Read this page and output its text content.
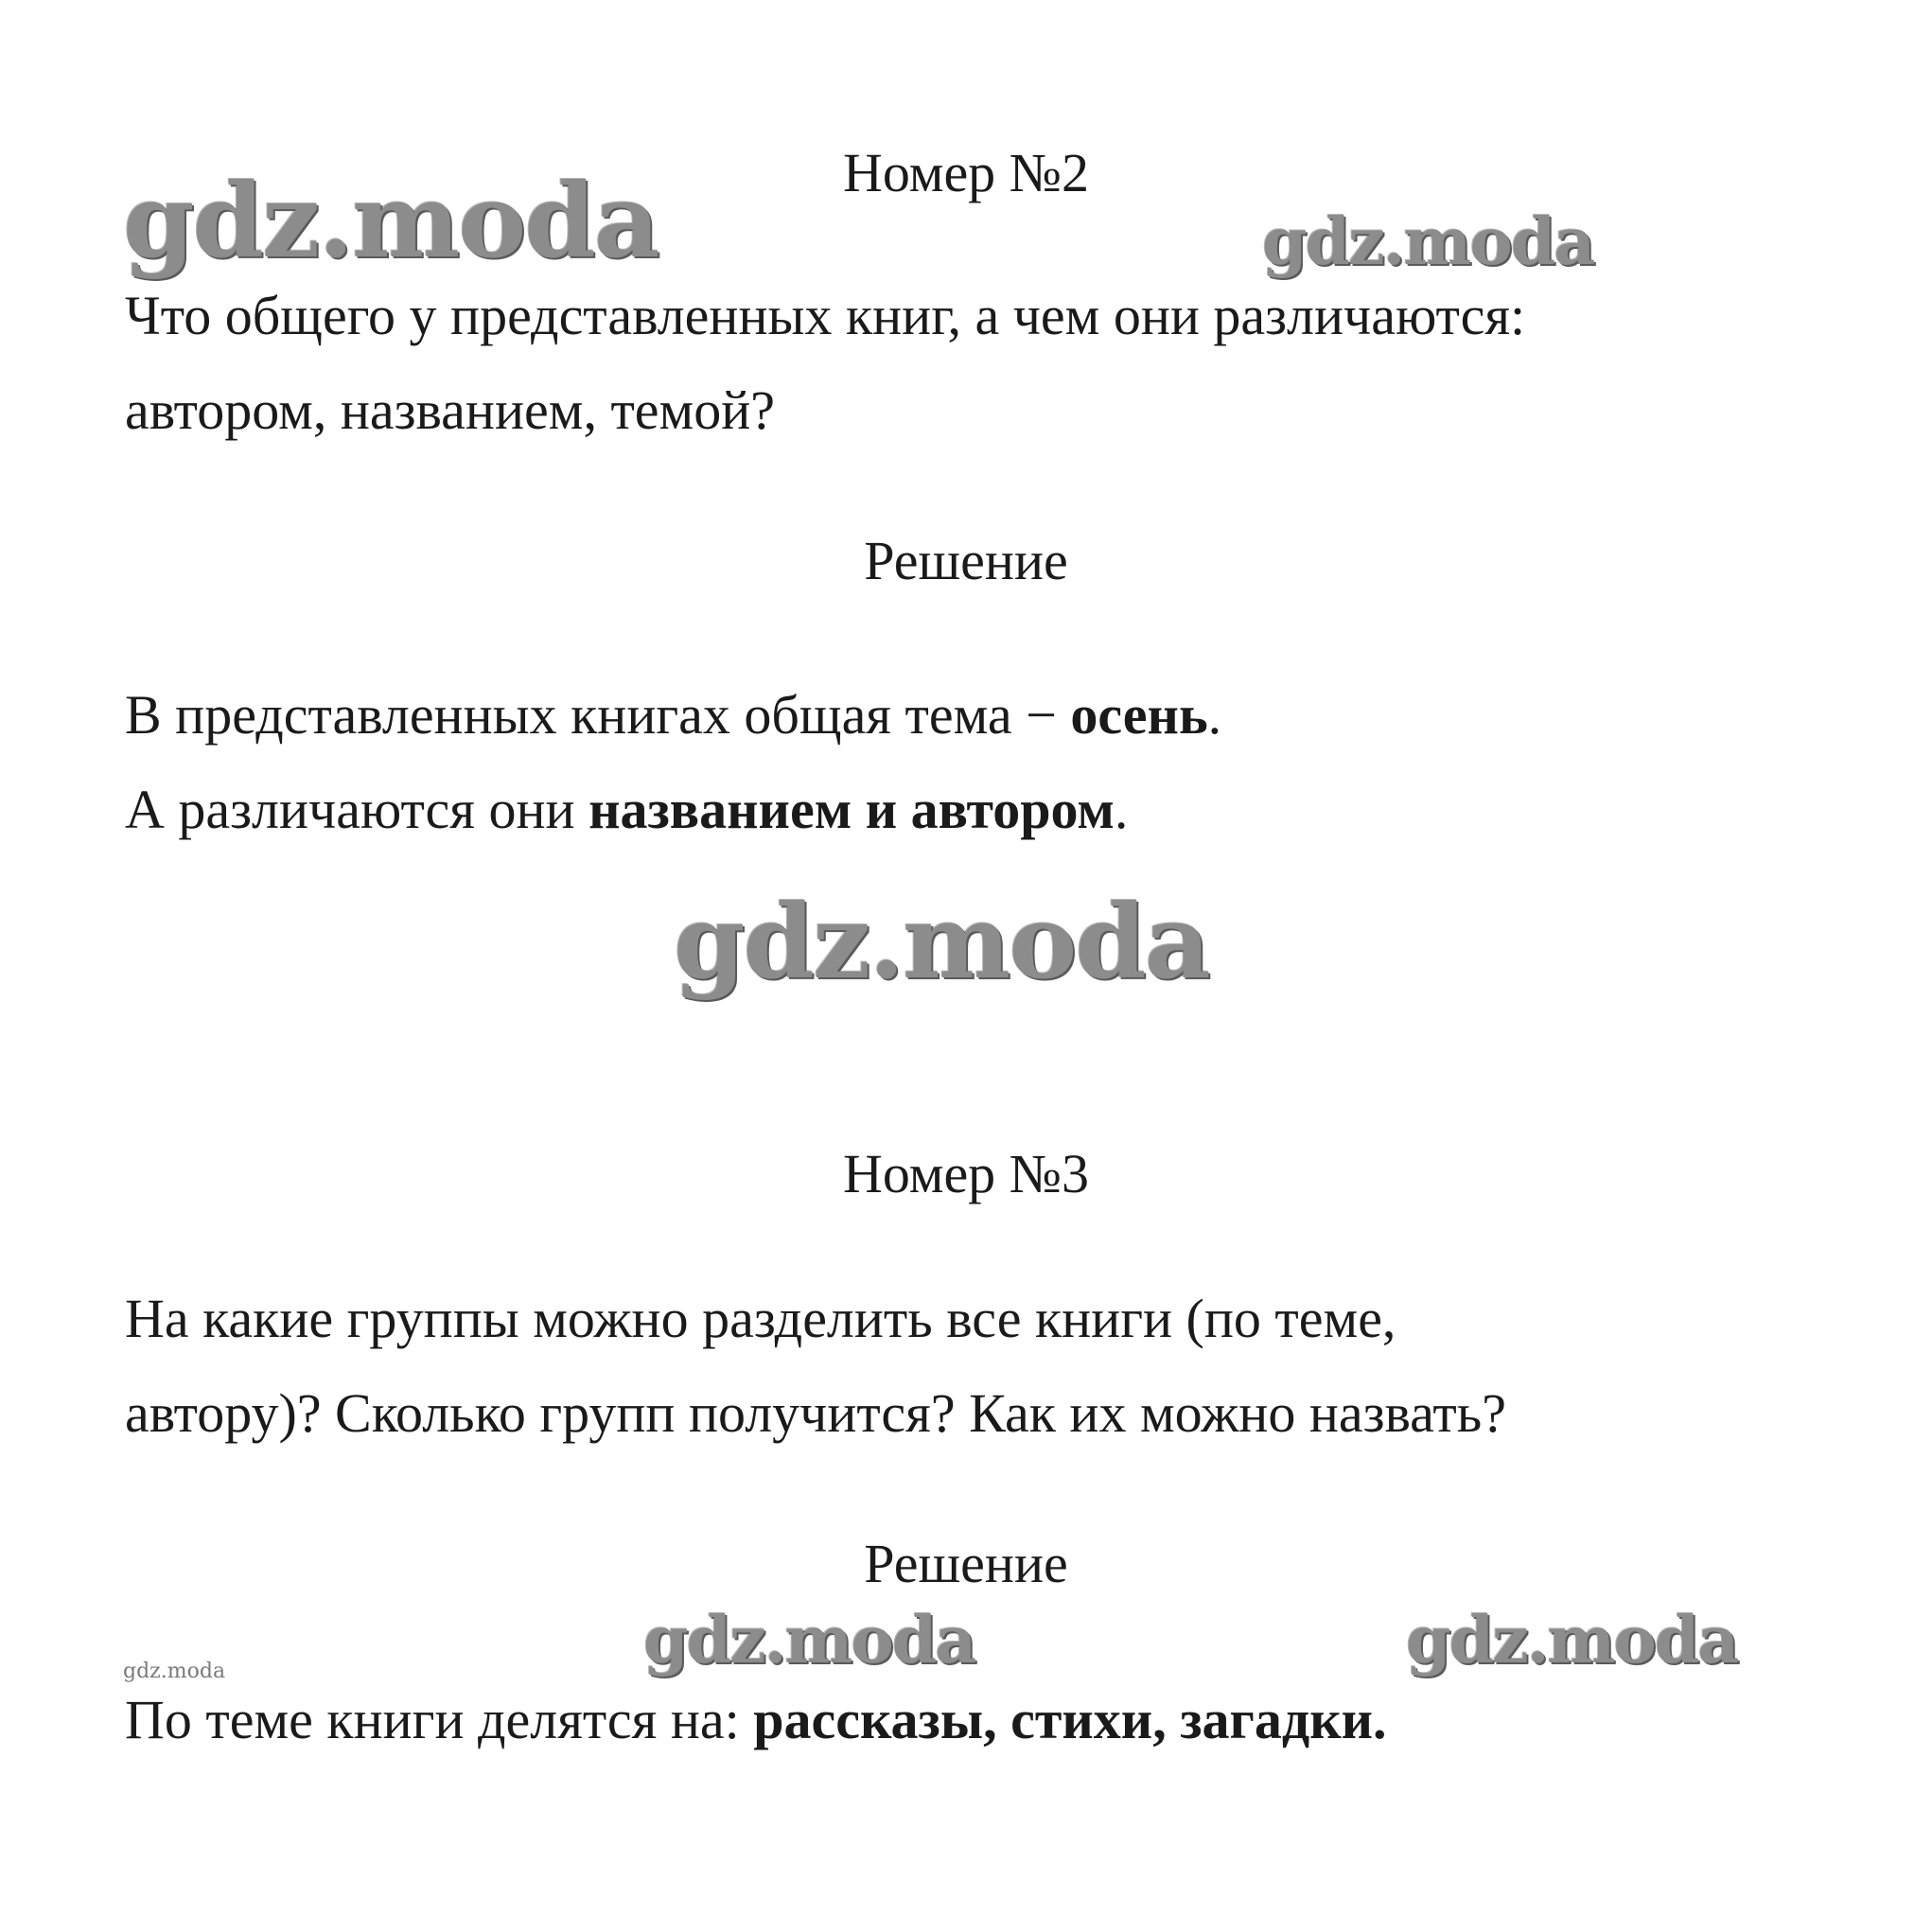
gdz.moda	gdz.moda
gdz.moda
gdz.moda	gdz.moda
gdz.moda
Номер №2
Что общего у представленных книг, а чем они различаются:
автором, названием, темой?
Решение
В представленных книгах общая тема − осень.
А различаются они названием и автором.
Номер №3
На какие группы можно разделить все книги (по теме,
автору)? Сколько групп получится? Как их можно назвать?
Решение
По теме книги делятся на: рассказы, стихи, загадки.
